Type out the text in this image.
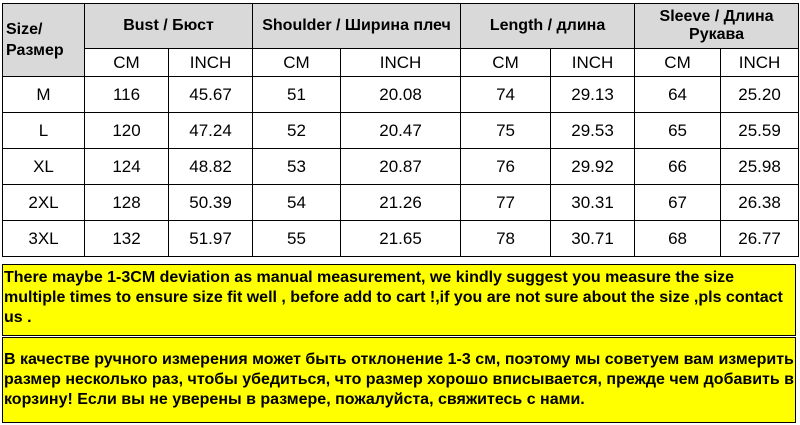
Size/ Размер	Bust / Бюст		Shoulder / Ширина плеч		Length / длина		Sleeve / Длина Рукава	
	CM	INCH	CM	INCH	CM	INCH	CM	INCH
M	116	45.67	51	20.08	74	29.13	64	25.20
L	120	47.24	52	20.47	75	29.53	65	25.59
XL	124	48.82	53	20.87	76	29.92	66	25.98
2XL	128	50.39	54	21.26	77	30.31	67	26.38
3XL	132	51.97	55	21.65	78	30.71	68	26.77

There maybe 1-3CM deviation as manual measurement, we kindly suggest you measure the size multiple times to ensure size fit well , before add to cart !,if you are not sure about the size ,pls contact us .

В качестве ручного измерения может быть отклонение 1-3 см, поэтому мы советуем вам измерить размер несколько раз, чтобы убедиться, что размер хорошо вписывается, прежде чем добавить в корзину! Если вы не уверены в размере, пожалуйста, свяжитесь с нами.
